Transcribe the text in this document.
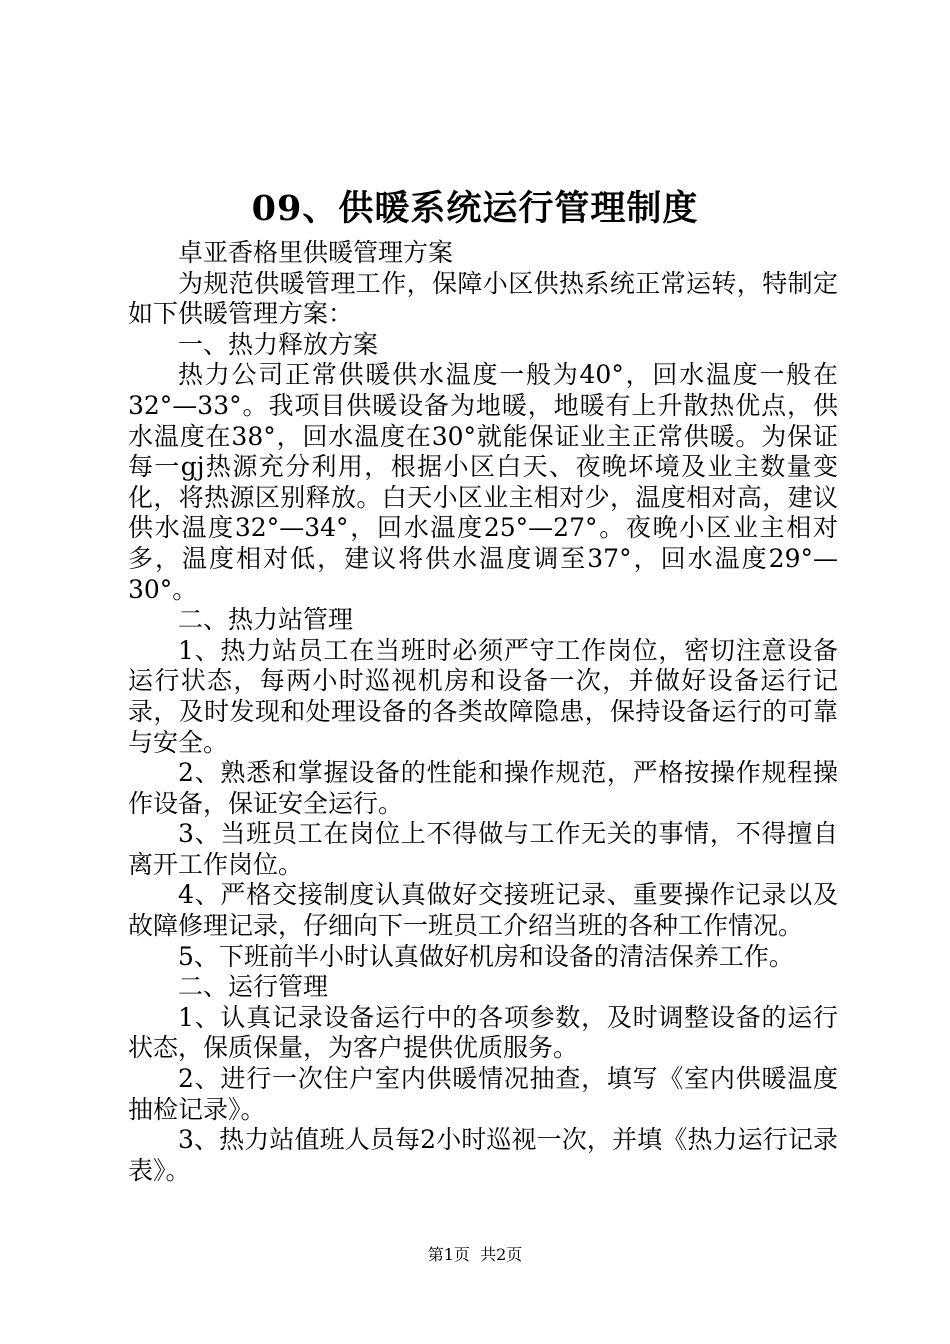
09、供暖系统运行管理制度

卓亚香格里供暖管理方案

为规范供暖管理工作，保障小区供热系统正常运转，特制定如下供暖管理方案：

一、热力释放方案

热力公司正常供暖供水温度一般为40°，回水温度一般在32°—33°。我项目供暖设备为地暖，地暖有上升散热优点，供水温度在38°，回水温度在30°就能保证业主正常供暖。为保证每一gj热源充分利用，根据小区白天、夜晚坏境及业主数量变化，将热源区别释放。白天小区业主相对少，温度相对高，建议供水温度32°—34°，回水温度25°—27°。夜晚小区业主相对多，温度相对低，建议将供水温度调至37°，回水温度29°—30°。

二、热力站管理

1、热力站员工在当班时必须严守工作岗位，密切注意设备运行状态，每两小时巡视机房和设备一次，并做好设备运行记录，及时发现和处理设备的各类故障隐患，保持设备运行的可靠与安全。

2、熟悉和掌握设备的性能和操作规范，严格按操作规程操作设备，保证安全运行。

3、当班员工在岗位上不得做与工作无关的事情，不得擅自离开工作岗位。

4、严格交接制度认真做好交接班记录、重要操作记录以及故障修理记录，仔细向下一班员工介绍当班的各种工作情况。

5、下班前半小时认真做好机房和设备的清洁保养工作。

二、运行管理

1、认真记录设备运行中的各项参数，及时调整设备的运行状态，保质保量，为客户提供优质服务。

2、进行一次住户室内供暖情况抽查，填写《室内供暖温度抽检记录》。

3、热力站值班人员每2小时巡视一次，并填《热力运行记录表》。

第1页 共2页
